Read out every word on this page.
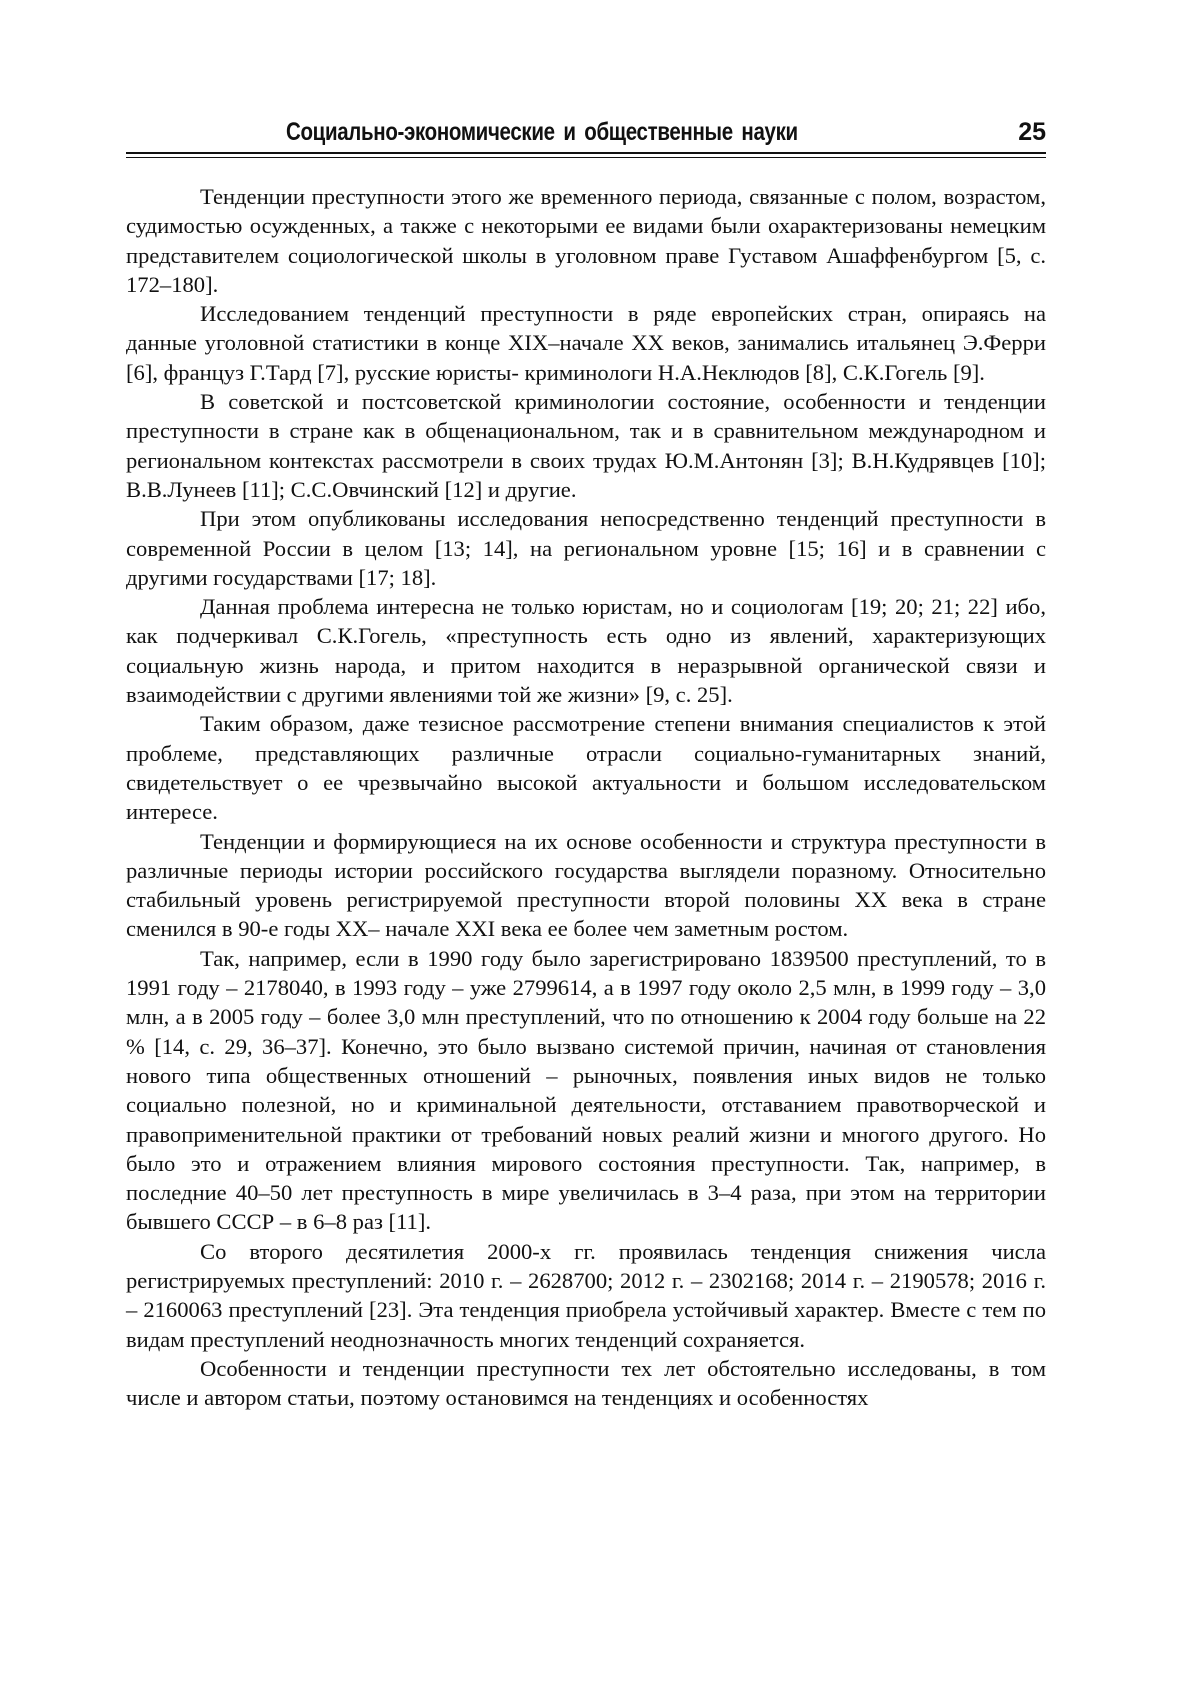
Социально-экономические и общественные науки	25

Тенденции преступности этого же временного периода, связанные с полом, возрастом, судимостью осужденных, а также с некоторыми ее видами были охарактеризованы немецким представителем социологической школы в уголовном праве Густавом Ашаффенбургом [5, с. 172–180].

Исследованием тенденций преступности в ряде европейских стран, опираясь на данные уголовной статистики в конце XIX–начале XX веков, занимались итальянец Э.Ферри [6], француз Г.Тард [7], русские юристы- криминологи Н.А.Неклюдов [8], С.К.Гогель [9].

В советской и постсоветской криминологии состояние, особенности и тенденции преступности в стране как в общенациональном, так и в сравнительном международном и региональном контекстах рассмотрели в своих трудах Ю.М.Антонян [3]; В.Н.Кудрявцев [10]; В.В.Лунеев [11]; С.С.Овчинский [12] и другие.

При этом опубликованы исследования непосредственно тенденций преступности в современной России в целом [13; 14], на региональном уровне [15; 16] и в сравнении с другими государствами [17; 18].

Данная проблема интересна не только юристам, но и социологам [19; 20; 21; 22] ибо, как подчеркивал С.К.Гогель, «преступность есть одно из явлений, характеризующих социальную жизнь народа, и притом находится в неразрывной органической связи и взаимодействии с другими явлениями той же жизни» [9, с. 25].

Таким образом, даже тезисное рассмотрение степени внимания специалистов к этой проблеме, представляющих различные отрасли социально-гуманитарных знаний, свидетельствует о ее чрезвычайно высокой актуальности и большом исследовательском интересе.

Тенденции и формирующиеся на их основе особенности и структура преступности в различные периоды истории российского государства выглядели поразному. Относительно стабильный уровень регистрируемой преступности второй половины XX века в стране сменился в 90-е годы XX– начале XXI века ее более чем заметным ростом.

Так, например, если в 1990 году было зарегистрировано 1839500 преступлений, то в 1991 году – 2178040, в 1993 году – уже 2799614, а в 1997 году около 2,5 млн, в 1999 году – 3,0 млн, а в 2005 году – более 3,0 млн преступлений, что по отношению к 2004 году больше на 22 % [14, с. 29, 36–37]. Конечно, это было вызвано системой причин, начиная от становления нового типа общественных отношений – рыночных, появления иных видов не только социально полезной, но и криминальной деятельности, отставанием правотворческой и правоприменительной практики от требований новых реалий жизни и многого другого. Но было это и отражением влияния мирового состояния преступности. Так, например, в последние 40–50 лет преступность в мире увеличилась в 3–4 раза, при этом на территории бывшего СССР – в 6–8 раз [11].

Со второго десятилетия 2000-х гг. проявилась тенденция снижения числа регистрируемых преступлений: 2010 г. – 2628700; 2012 г. – 2302168; 2014 г. – 2190578; 2016 г. – 2160063 преступлений [23]. Эта тенденция приобрела устойчивый характер. Вместе с тем по видам преступлений неоднозначность многих тенденций сохраняется.

Особенности и тенденции преступности тех лет обстоятельно исследованы, в том числе и автором статьи, поэтому остановимся на тенденциях и особенностях
